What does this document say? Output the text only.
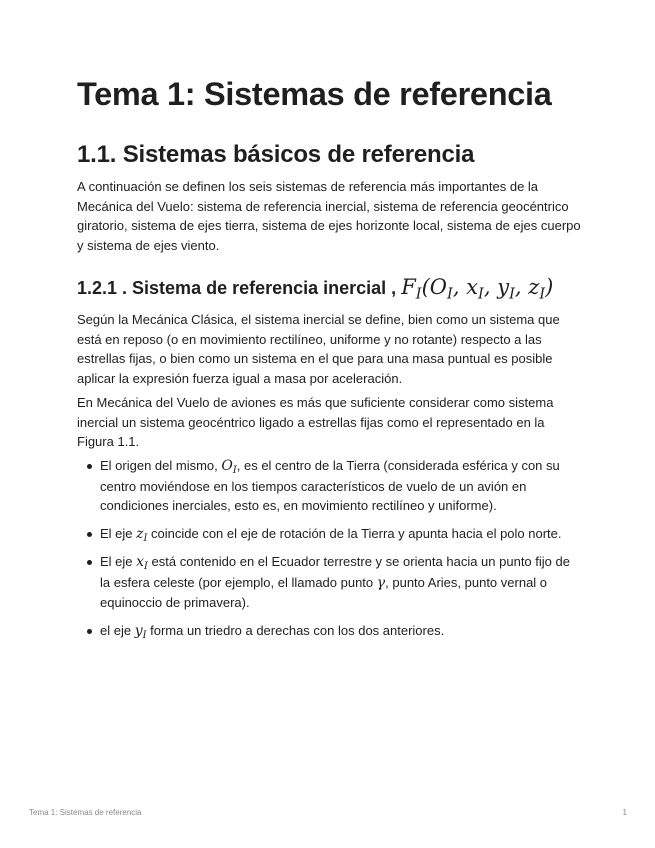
Tema 1: Sistemas de referencia
1.1. Sistemas básicos de referencia

A continuación se definen los seis sistemas de referencia más importantes de la Mecánica del Vuelo: sistema de referencia inercial, sistema de referencia geocéntrico giratorio, sistema de ejes tierra, sistema de ejes horizonte local, sistema de ejes cuerpo y sistema de ejes viento.

1.2.1 . Sistema de referencia inercial , $F_I(O_I$, $x_I$, $y_I$, $z_I$)

Según la Mecánica Clásica, el sistema inercial se define, bien como un sistema que está en reposo (o en movimiento rectilíneo, uniforme y no rotante) respecto a las estrellas fijas, o bien como un sistema en el que para una masa puntual es posible aplicar la expresión fuerza igual a masa por aceleración.

En Mecánica del Vuelo de aviones es más que suficiente considerar como sistema inercial un sistema geocéntrico ligado a estrellas fijas como el representado en la Figura 1.1.

El origen del mismo, $O_I$, es el centro de la Tierra (considerada esférica y con su centro moviéndose en los tiempos característicos de vuelo de un avión en condiciones inerciales, esto es, en movimiento rectilíneo y uniforme).
El eje $z_I$ coincide con el eje de rotación de la Tierra y apunta hacia el polo norte.
El eje $x_I$ está contenido en el Ecuador terrestre y se orienta hacia un punto fijo de la esfera celeste (por ejemplo, el llamado punto γ, punto Aries, punto vernal o equinoccio de primavera).
el eje $y_I$ forma un triedro a derechas con los dos anteriores.
Tema 1: Sistemas de referencia	1
